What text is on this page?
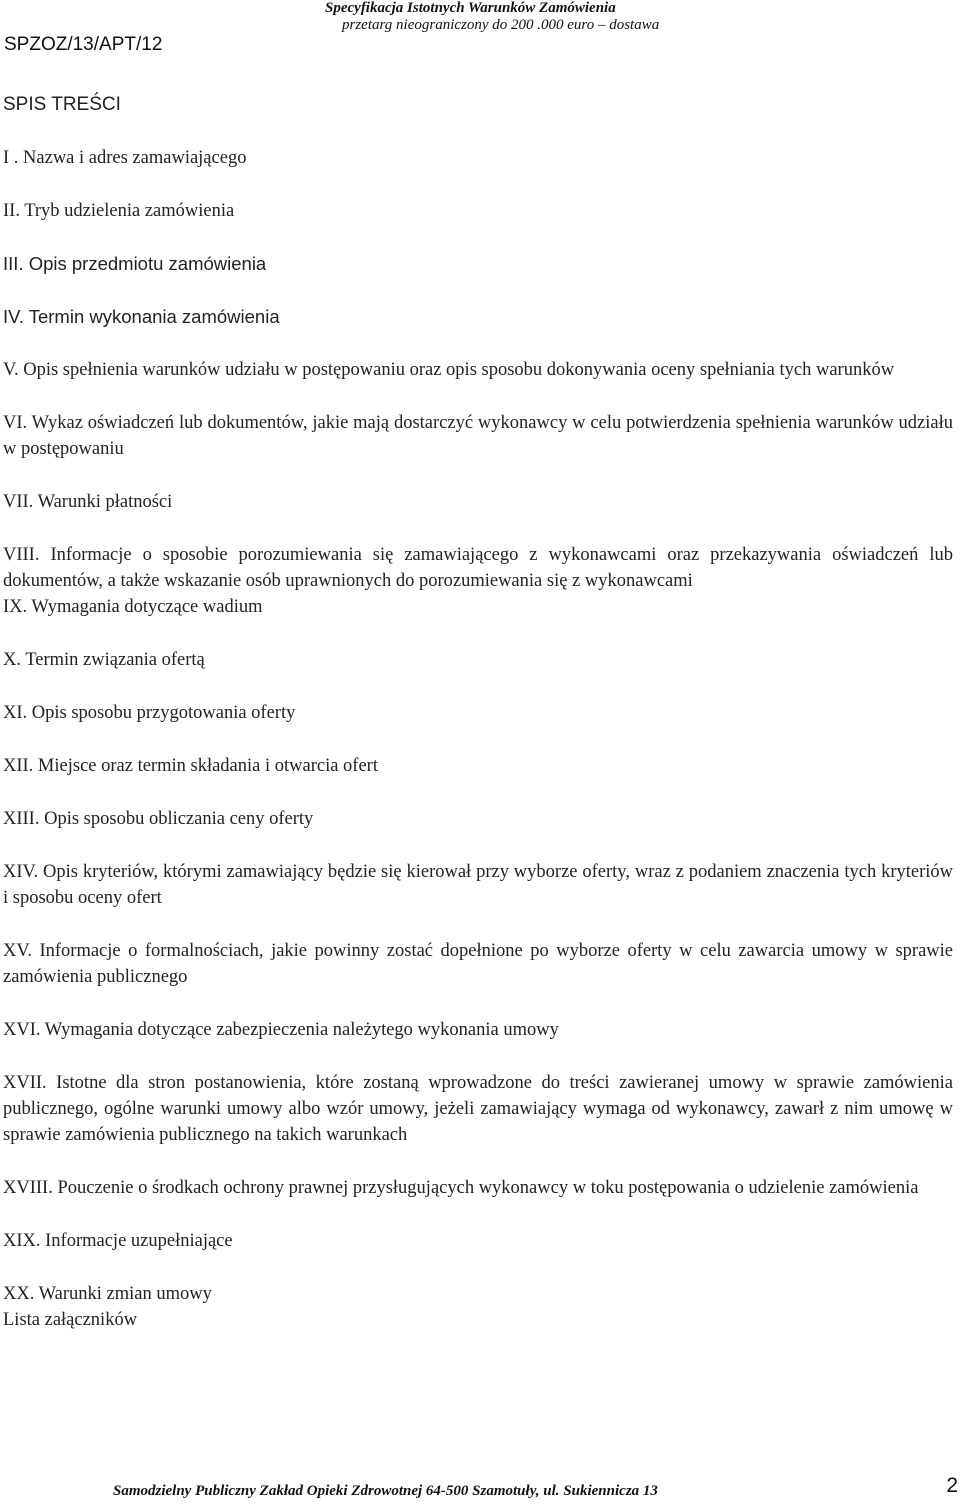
SPZOZ/13/APT/12
Specyfikacja Istotnych Warunków Zamówienia
przetarg nieograniczony do 200 .000 euro – dostawa
SPIS TREŚCI
I . Nazwa i adres zamawiającego
II. Tryb udzielenia zamówienia
III. Opis przedmiotu zamówienia
IV. Termin wykonania zamówienia
V. Opis spełnienia warunków udziału w postępowaniu oraz opis sposobu dokonywania oceny spełniania tych warunków
VI. Wykaz oświadczeń lub dokumentów, jakie mają dostarczyć wykonawcy w celu potwierdzenia spełnienia warunków udziału w postępowaniu
VII. Warunki płatności
VIII. Informacje o sposobie porozumiewania się zamawiającego z wykonawcami oraz przekazywania oświadczeń lub dokumentów, a także wskazanie osób uprawnionych do porozumiewania się z wykonawcami
IX. Wymagania dotyczące wadium
X. Termin związania ofertą
XI. Opis sposobu przygotowania oferty
XII. Miejsce oraz termin składania i otwarcia ofert
XIII. Opis sposobu obliczania ceny oferty
XIV. Opis kryteriów, którymi zamawiający będzie się kierował przy wyborze oferty, wraz z podaniem znaczenia tych kryteriów i sposobu oceny ofert
XV. Informacje o formalnościach, jakie powinny zostać dopełnione po wyborze oferty w celu zawarcia umowy w sprawie zamówienia publicznego
XVI. Wymagania dotyczące zabezpieczenia należytego wykonania umowy
XVII. Istotne dla stron postanowienia, które zostaną wprowadzone do treści zawieranej umowy w sprawie zamówienia publicznego, ogólne warunki umowy albo wzór umowy, jeżeli zamawiający wymaga od wykonawcy, zawarł z nim umowę w sprawie zamówienia publicznego na takich warunkach
XVIII. Pouczenie o środkach ochrony prawnej przysługujących wykonawcy w toku postępowania o udzielenie zamówienia
XIX. Informacje uzupełniające
XX. Warunki zmian umowy
Lista załączników
Samodzielny Publiczny Zakład Opieki Zdrowotnej 64-500 Szamotuły, ul. Sukiennicza 13	2
